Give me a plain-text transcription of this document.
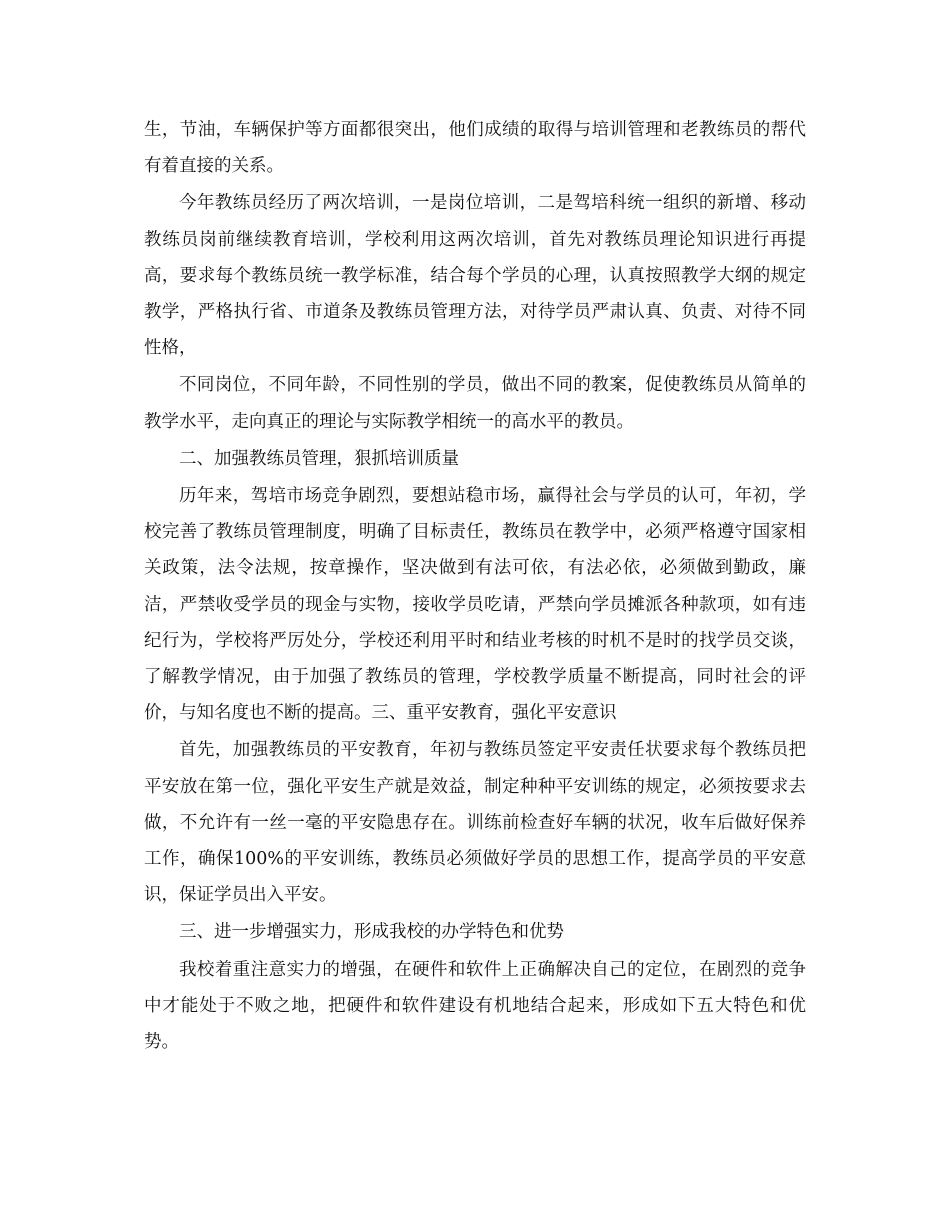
生，节油，车辆保护等方面都很突出，他们成绩的取得与培训管理和老教练员的帮代有着直接的关系。

今年教练员经历了两次培训，一是岗位培训，二是驾培科统一组织的新增、移动教练员岗前继续教育培训，学校利用这两次培训，首先对教练员理论知识进行再提高，要求每个教练员统一教学标准，结合每个学员的心理，认真按照教学大纲的规定教学，严格执行省、市道条及教练员管理方法，对待学员严肃认真、负责、对待不同性格，

不同岗位，不同年龄，不同性别的学员，做出不同的教案，促使教练员从简单的教学水平，走向真正的理论与实际教学相统一的高水平的教员。

二、加强教练员管理，狠抓培训质量

历年来，驾培市场竞争剧烈，要想站稳市场，赢得社会与学员的认可，年初，学校完善了教练员管理制度，明确了目标责任，教练员在教学中，必须严格遵守国家相关政策，法令法规，按章操作，坚决做到有法可依，有法必依，必须做到勤政，廉洁，严禁收受学员的现金与实物，接收学员吃请，严禁向学员摊派各种款项，如有违纪行为，学校将严厉处分，学校还利用平时和结业考核的时机不是时的找学员交谈，了解教学情况，由于加强了教练员的管理，学校教学质量不断提高，同时社会的评价，与知名度也不断的提高。三、重平安教育，强化平安意识

首先，加强教练员的平安教育，年初与教练员签定平安责任状要求每个教练员把平安放在第一位，强化平安生产就是效益，制定种种平安训练的规定，必须按要求去做，不允许有一丝一毫的平安隐患存在。训练前检查好车辆的状况，收车后做好保养工作，确保100%的平安训练，教练员必须做好学员的思想工作，提高学员的平安意识，保证学员出入平安。

三、进一步增强实力，形成我校的办学特色和优势

我校着重注意实力的增强，在硬件和软件上正确解决自己的定位，在剧烈的竞争中才能处于不败之地，把硬件和软件建设有机地结合起来，形成如下五大特色和优势。
